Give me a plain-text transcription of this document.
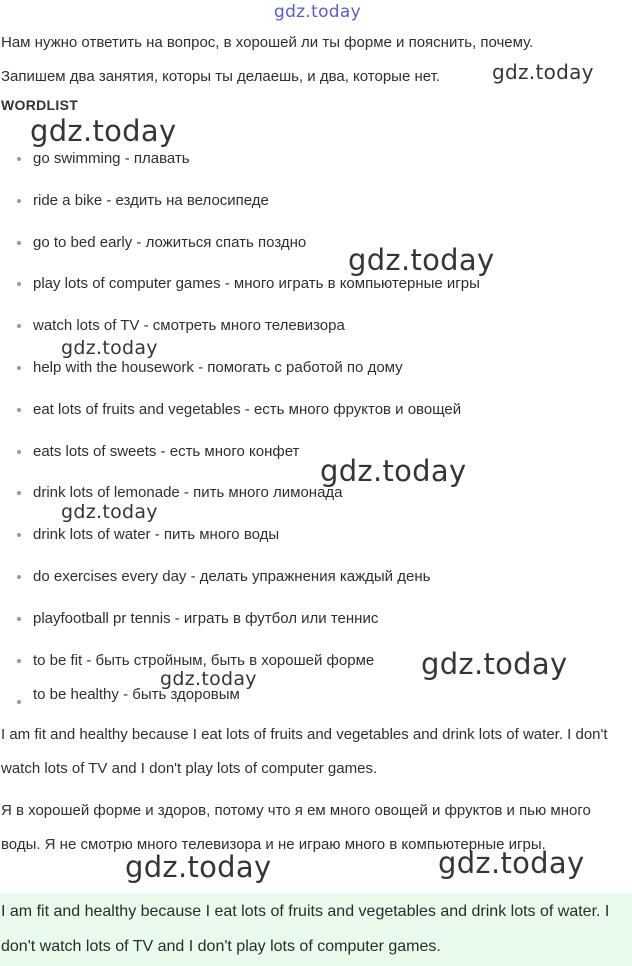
gdz.today
Нам нужно ответить на вопрос, в хорошей ли ты форме и пояснить, почему.
Запишем два занятия, которы ты делаешь, и два, которые нет.
WORDLIST
go swimming - плавать
ride a bike - ездить на велосипеде
go to bed early - ложиться спать поздно
play lots of computer games - много играть в компьютерные игры
watch lots of TV - смотреть много телевизора
help with the housework - помогать с работой по дому
eat lots of fruits and vegetables - есть много фруктов и овощей
eats lots of sweets - есть много конфет
drink lots of lemonade - пить много лимонада
drink lots of water - пить много воды
do exercises every day - делать упражнения каждый день
playfootball pr tennis - играть в футбол или теннис
to be fit - быть стройным, быть в хорошей форме
to be healthy - быть здоровым

I am fit and healthy because I eat lots of fruits and vegetables and drink lots of water. I don't watch lots of TV and I don't play lots of computer games.

Я в хорошей форме и здоров, потому что я ем много овощей и фруктов и пью много воды. Я не смотрю много телевизора и не играю много в компьютерные игры.

I am fit and healthy because I eat lots of fruits and vegetables and drink lots of water. I don't watch lots of TV and I don't play lots of computer games.

gdz.today
gdz.today
gdz.today
gdz.today
gdz.today
gdz.today
gdz.today
gdz.today
gdz.today	gdz.today
